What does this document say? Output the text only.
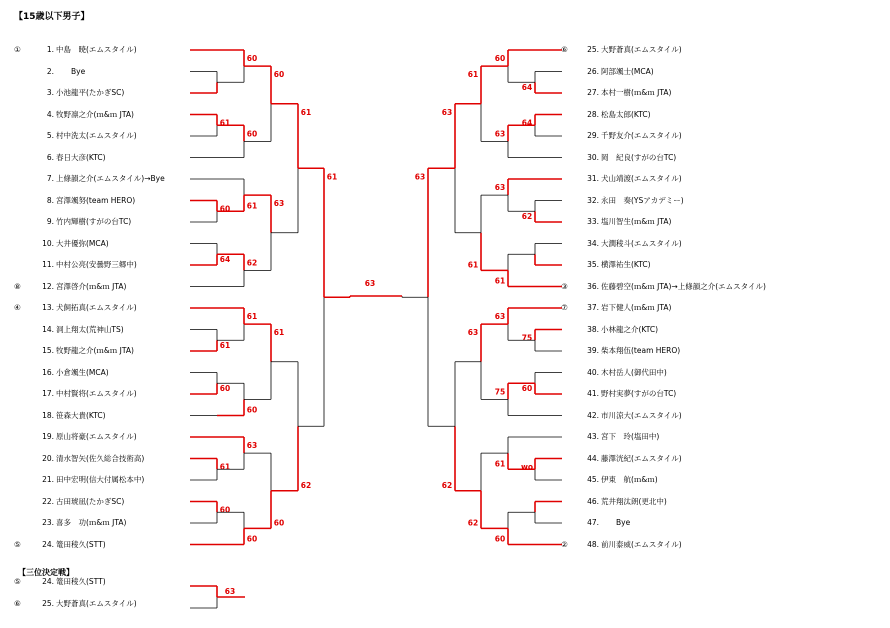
【15歳以下男子】
【三位決定戦】
①	1. 中島　暁(エムスタイル)
2.　　Bye
3. 小池龍平(たかぎSC)
4. 牧野凛之介(ｍ&ｍ JTA)
5. 村中洗太(エムスタイル)
6. 春日大彦(KTC)
7. 上條韻之介(エムスタイル)→Bye
8. 宮澤颯努(team HERO)
9. 竹内輝樹(すがの台TC)
10. 大井優弥(MCA)
11. 中村公亮(安曇野三郷中)
⑧	12. 宮澤啓介(ｍ&ｍ JTA)
④	13. 犬飼拓真(エムスタイル)
14. 洞上翔太(荒神山TS)
15. 牧野龍之介(ｍ&ｍ JTA)
16. 小倉颯生(MCA)
17. 中村賢将(エムスタイル)
18. 笹森大貴(KTC)
19. 原山将豪(エムスタイル)
20. 清水智矢(佐久総合技術高)
21. 田中宏明(信大付属松本中)
22. 古田琥凪(たかぎSC)
23. 喜多　功(ｍ&ｍ JTA)
⑤	24. 篭田稜久(STT)
⑥	25. 大野蒼真(エムスタイル)
26. 阿部颯士(MCA)
27. 本村一樹(ｍ&ｍ JTA)
28. 松島太郎(KTC)
29. 千野友介(エムスタイル)
30. 岡　紀良(すがの台TC)
31. 犬山靖渡(エムスタイル)
32. 永田　奏(YSアカデミー)
33. 塩川智生(ｍ&ｍ JTA)
34. 大潤稜斗(エムスタイル)
35. 横澤祐生(KTC)
③	36. 佐藤碧空(ｍ&ｍ JTA)→上條韻之介(エムスタイル)
⑦	37. 岩下健人(ｍ&ｍ JTA)
38. 小林龍之介(KTC)
39. 柴本翔伍(team HERO)
40. 木村岳人(御代田中)
41. 野村実夢(すがの台TC)
42. 市川涼大(エムスタイル)
43. 宮下　玲(塩田中)
44. 藤澤洸紀(エムスタイル)
45. 伊東　航(ｍ&ｍ)
46. 荒井翔汰朗(更北中)
47.　　Bye
②	48. 前川泰威(エムスタイル)
⑤	24. 篭田稜久(STT)
⑥	25. 大野蒼真(エムスタイル)
60
61
60
60
60 61
64 62
63
61
61
61
60
60
61
61
63
60
60
60
62
61
64
60
64
63
61
62
63
61
61
63
75
63
60
75
63
wo
61
60
62
62
63
63
63
